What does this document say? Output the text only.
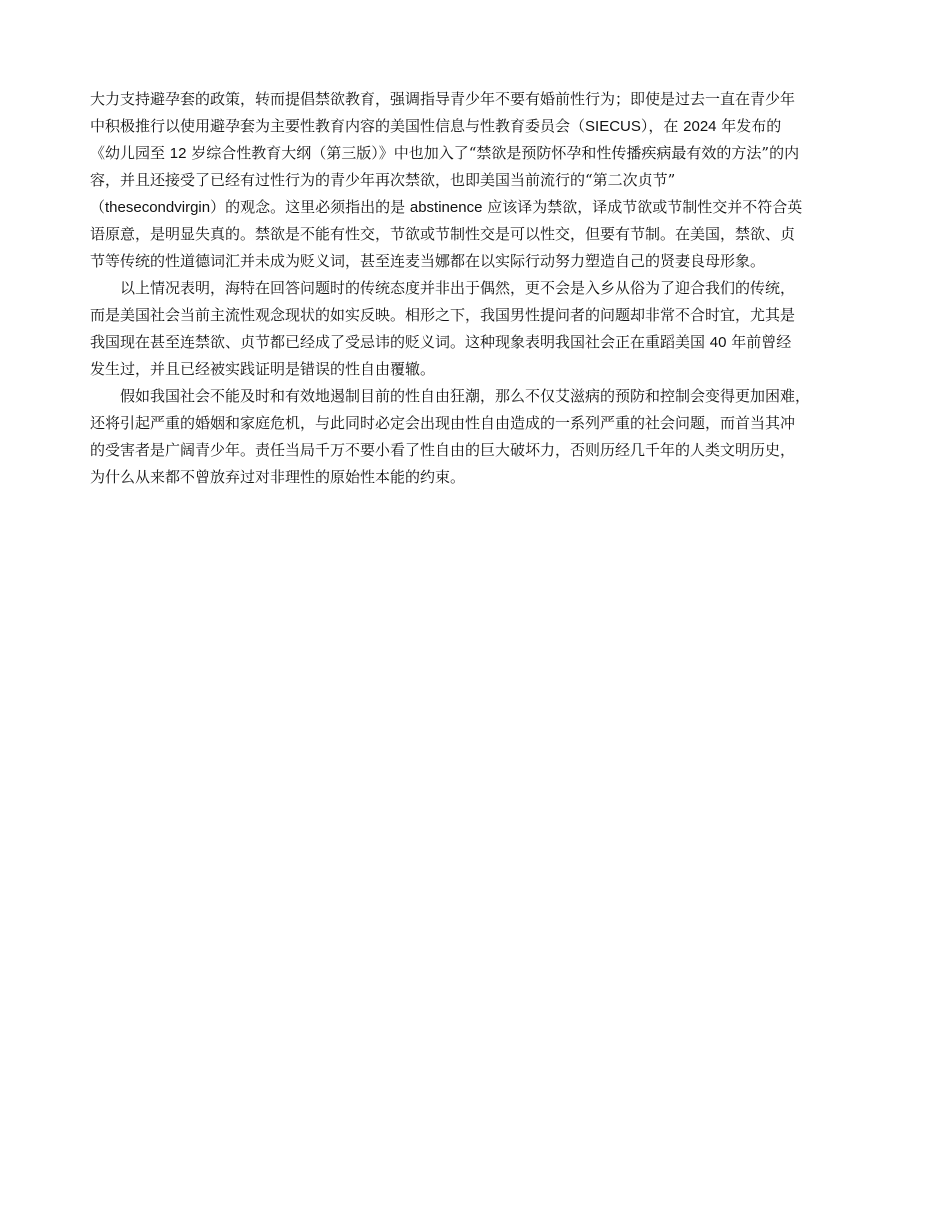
大力支持避孕套的政策，转而提倡禁欲教育，强调指导青少年不要有婚前性行为；即使是过去一直在青少年

中积极推行以使用避孕套为主要性教育内容的美国性信息与性教育委员会（SIECUS），在 2024 年发布的

《幼儿园至 12 岁综合性教育大纲（第三版）》中也加入了“禁欲是预防怀孕和性传播疾病最有效的方法”的内

容，并且还接受了已经有过性行为的青少年再次禁欲，也即美国当前流行的“第二次贞节”

（thesecondvirgin）的观念。这里必须指出的是 abstinence 应该译为禁欲，译成节欲或节制性交并不符合英

语原意，是明显失真的。禁欲是不能有性交，节欲或节制性交是可以性交，但要有节制。在美国，禁欲、贞

节等传统的性道德词汇并未成为贬义词，甚至连麦当娜都在以实际行动努力塑造自己的贤妻良母形象。

以上情况表明，海特在回答问题时的传统态度并非出于偶然，更不会是入乡从俗为了迎合我们的传统，

而是美国社会当前主流性观念现状的如实反映。相形之下，我国男性提问者的问题却非常不合时宜，尤其是

我国现在甚至连禁欲、贞节都已经成了受忌讳的贬义词。这种现象表明我国社会正在重蹈美国 40 年前曾经

发生过，并且已经被实践证明是错误的性自由覆辙。

假如我国社会不能及时和有效地遏制目前的性自由狂潮，那么不仅艾滋病的预防和控制会变得更加困难，

还将引起严重的婚姻和家庭危机，与此同时必定会出现由性自由造成的一系列严重的社会问题，而首当其冲

的受害者是广阔青少年。责任当局千万不要小看了性自由的巨大破坏力，否则历经几千年的人类文明历史，

为什么从来都不曾放弃过对非理性的原始性本能的约束。
